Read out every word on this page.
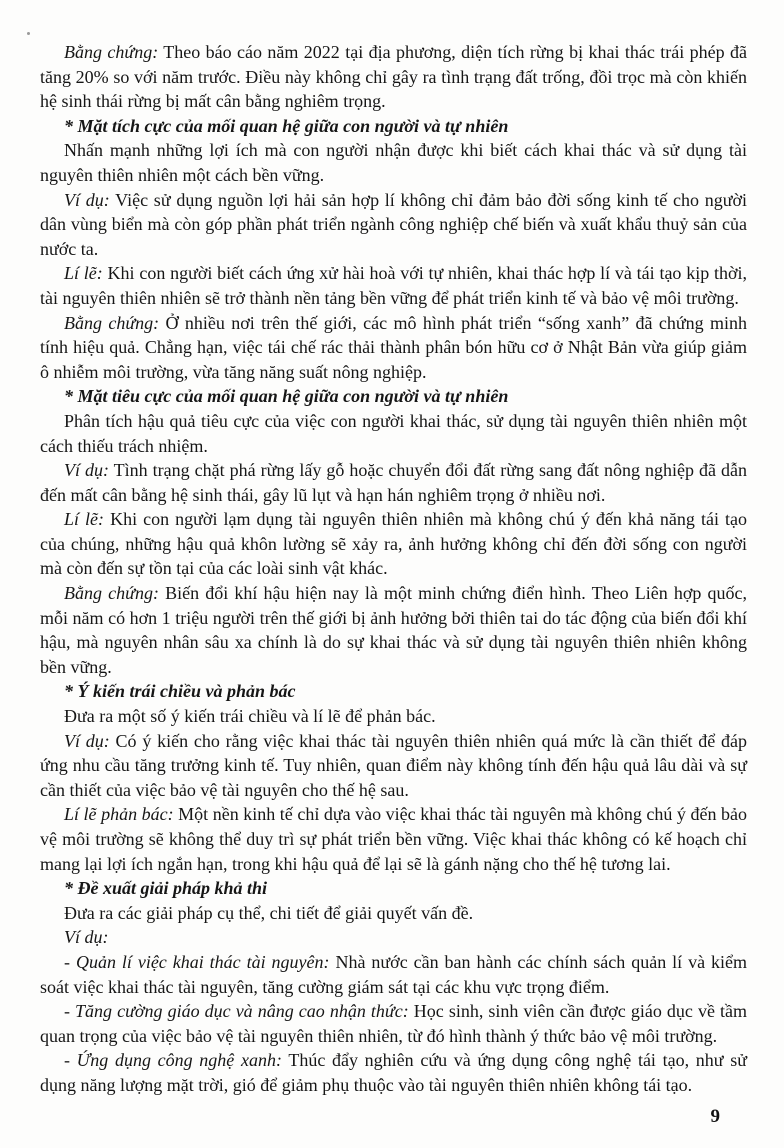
Bằng chứng: Theo báo cáo năm 2022 tại địa phương, diện tích rừng bị khai thác trái phép đã tăng 20% so với năm trước. Điều này không chỉ gây ra tình trạng đất trống, đồi trọc mà còn khiến hệ sinh thái rừng bị mất cân bằng nghiêm trọng.

* Mặt tích cực của mối quan hệ giữa con người và tự nhiên

Nhấn mạnh những lợi ích mà con người nhận được khi biết cách khai thác và sử dụng tài nguyên thiên nhiên một cách bền vững.

Ví dụ: Việc sử dụng nguồn lợi hải sản hợp lí không chỉ đảm bảo đời sống kinh tế cho người dân vùng biển mà còn góp phần phát triển ngành công nghiệp chế biến và xuất khẩu thuỷ sản của nước ta.

Lí lẽ: Khi con người biết cách ứng xử hài hoà với tự nhiên, khai thác hợp lí và tái tạo kịp thời, tài nguyên thiên nhiên sẽ trở thành nền tảng bền vững để phát triển kinh tế và bảo vệ môi trường.

Bằng chứng: Ở nhiều nơi trên thế giới, các mô hình phát triển “sống xanh” đã chứng minh tính hiệu quả. Chẳng hạn, việc tái chế rác thải thành phân bón hữu cơ ở Nhật Bản vừa giúp giảm ô nhiễm môi trường, vừa tăng năng suất nông nghiệp.

* Mặt tiêu cực của mối quan hệ giữa con người và tự nhiên

Phân tích hậu quả tiêu cực của việc con người khai thác, sử dụng tài nguyên thiên nhiên một cách thiếu trách nhiệm.

Ví dụ: Tình trạng chặt phá rừng lấy gỗ hoặc chuyển đổi đất rừng sang đất nông nghiệp đã dẫn đến mất cân bằng hệ sinh thái, gây lũ lụt và hạn hán nghiêm trọng ở nhiều nơi.

Lí lẽ: Khi con người lạm dụng tài nguyên thiên nhiên mà không chú ý đến khả năng tái tạo của chúng, những hậu quả khôn lường sẽ xảy ra, ảnh hưởng không chỉ đến đời sống con người mà còn đến sự tồn tại của các loài sinh vật khác.

Bằng chứng: Biến đổi khí hậu hiện nay là một minh chứng điển hình. Theo Liên hợp quốc, mỗi năm có hơn 1 triệu người trên thế giới bị ảnh hưởng bởi thiên tai do tác động của biến đổi khí hậu, mà nguyên nhân sâu xa chính là do sự khai thác và sử dụng tài nguyên thiên nhiên không bền vững.

* Ý kiến trái chiều và phản bác

Đưa ra một số ý kiến trái chiều và lí lẽ để phản bác.

Ví dụ: Có ý kiến cho rằng việc khai thác tài nguyên thiên nhiên quá mức là cần thiết để đáp ứng nhu cầu tăng trưởng kinh tế. Tuy nhiên, quan điểm này không tính đến hậu quả lâu dài và sự cần thiết của việc bảo vệ tài nguyên cho thế hệ sau.

Lí lẽ phản bác: Một nền kinh tế chỉ dựa vào việc khai thác tài nguyên mà không chú ý đến bảo vệ môi trường sẽ không thể duy trì sự phát triển bền vững. Việc khai thác không có kế hoạch chỉ mang lại lợi ích ngắn hạn, trong khi hậu quả để lại sẽ là gánh nặng cho thế hệ tương lai.

* Đề xuất giải pháp khả thi

Đưa ra các giải pháp cụ thể, chi tiết để giải quyết vấn đề.

Ví dụ:

- Quản lí việc khai thác tài nguyên: Nhà nước cần ban hành các chính sách quản lí và kiểm soát việc khai thác tài nguyên, tăng cường giám sát tại các khu vực trọng điểm.

- Tăng cường giáo dục và nâng cao nhận thức: Học sinh, sinh viên cần được giáo dục về tầm quan trọng của việc bảo vệ tài nguyên thiên nhiên, từ đó hình thành ý thức bảo vệ môi trường.

- Ứng dụng công nghệ xanh: Thúc đẩy nghiên cứu và ứng dụng công nghệ tái tạo, như sử dụng năng lượng mặt trời, gió để giảm phụ thuộc vào tài nguyên thiên nhiên không tái tạo.

9
